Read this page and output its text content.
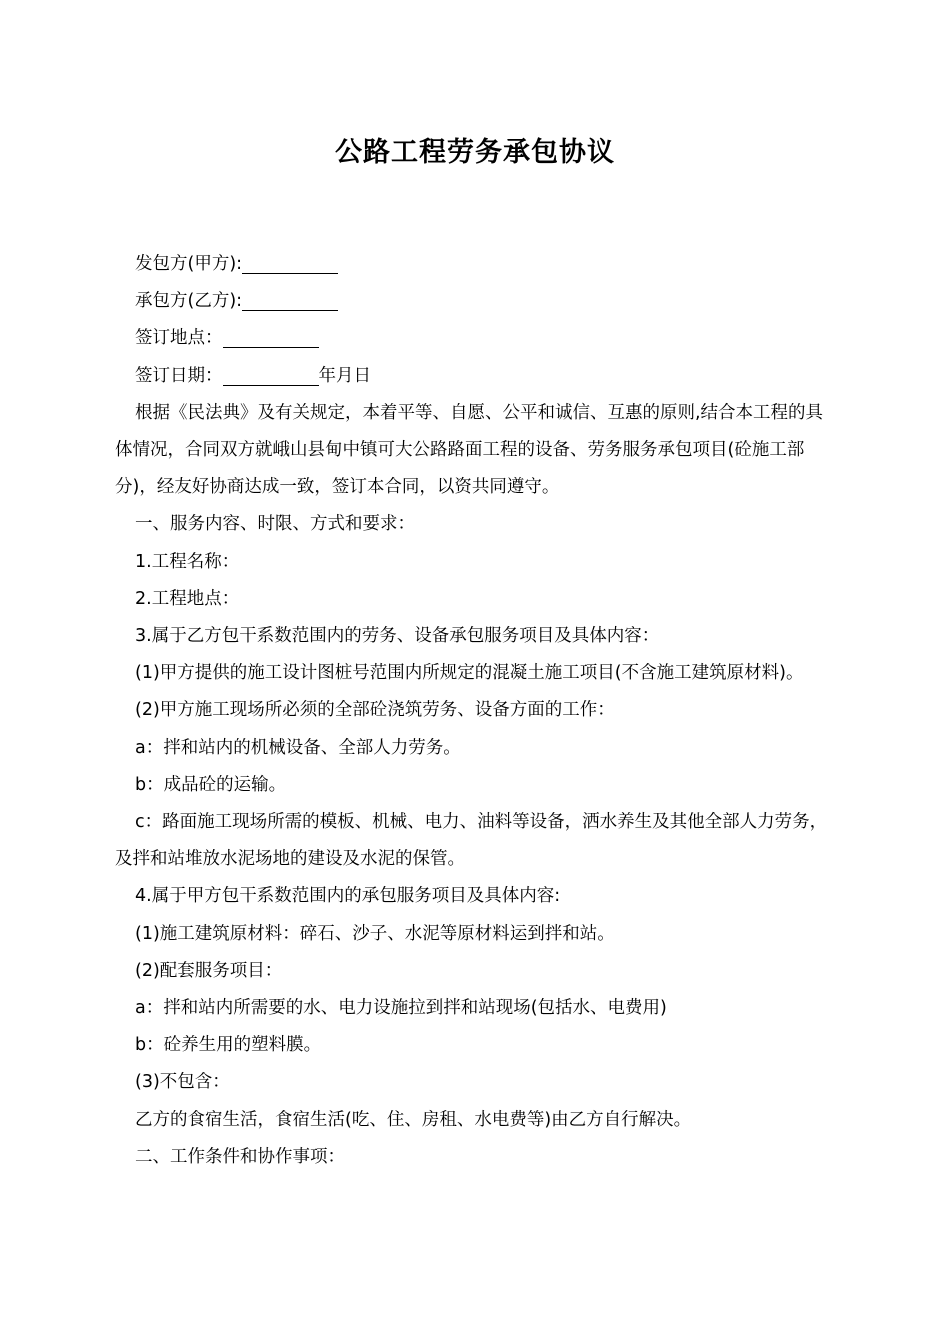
公路工程劳务承包协议

发包方(甲方):

承包方(乙方):

签订地点：

签订日期：	年月日

根据《民法典》及有关规定，本着平等、自愿、公平和诚信、互惠的原则,结合本工程的具体情况，合同双方就峨山县甸中镇可大公路路面工程的设备、劳务服务承包项目(砼施工部分)，经友好协商达成一致，签订本合同，以资共同遵守。

一、服务内容、时限、方式和要求：

1.工程名称：

2.工程地点：

3.属于乙方包干系数范围内的劳务、设备承包服务项目及具体内容：

(1)甲方提供的施工设计图桩号范围内所规定的混凝土施工项目(不含施工建筑原材料)。

(2)甲方施工现场所必须的全部砼浇筑劳务、设备方面的工作：

a：拌和站内的机械设备、全部人力劳务。

b：成品砼的运输。

c：路面施工现场所需的模板、机械、电力、油料等设备，洒水养生及其他全部人力劳务，及拌和站堆放水泥场地的建设及水泥的保管。

4.属于甲方包干系数范围内的承包服务项目及具体内容:

(1)施工建筑原材料：碎石、沙子、水泥等原材料运到拌和站。

(2)配套服务项目：

a：拌和站内所需要的水、电力设施拉到拌和站现场(包括水、电费用)

b：砼养生用的塑料膜。

(3)不包含：

乙方的食宿生活，食宿生活(吃、住、房租、水电费等)由乙方自行解决。

二、工作条件和协作事项：
